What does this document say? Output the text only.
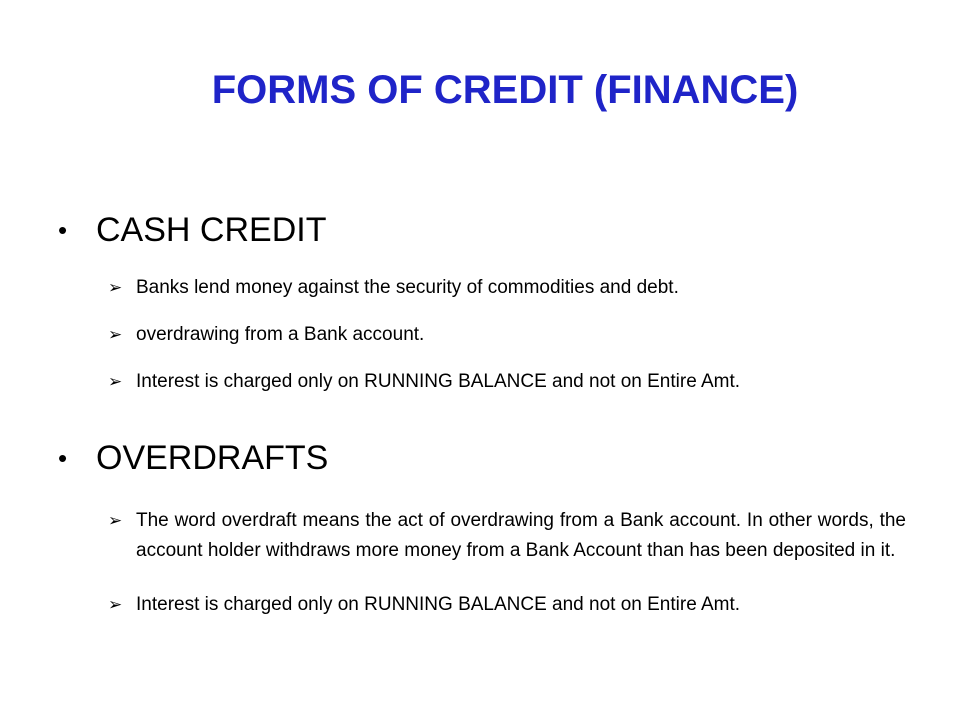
FORMS OF CREDIT (FINANCE)
• CASH CREDIT
➢ Banks lend money against the security of commodities and debt.
➢ overdrawing from a Bank account.
➢ Interest is charged only on RUNNING BALANCE and not on Entire Amt.
• OVERDRAFTS
➢ The word overdraft means the act of overdrawing from a Bank account. In other words, the account holder withdraws more money from a Bank Account than has been deposited in it.
➢ Interest is charged only on RUNNING BALANCE and not on Entire Amt.
